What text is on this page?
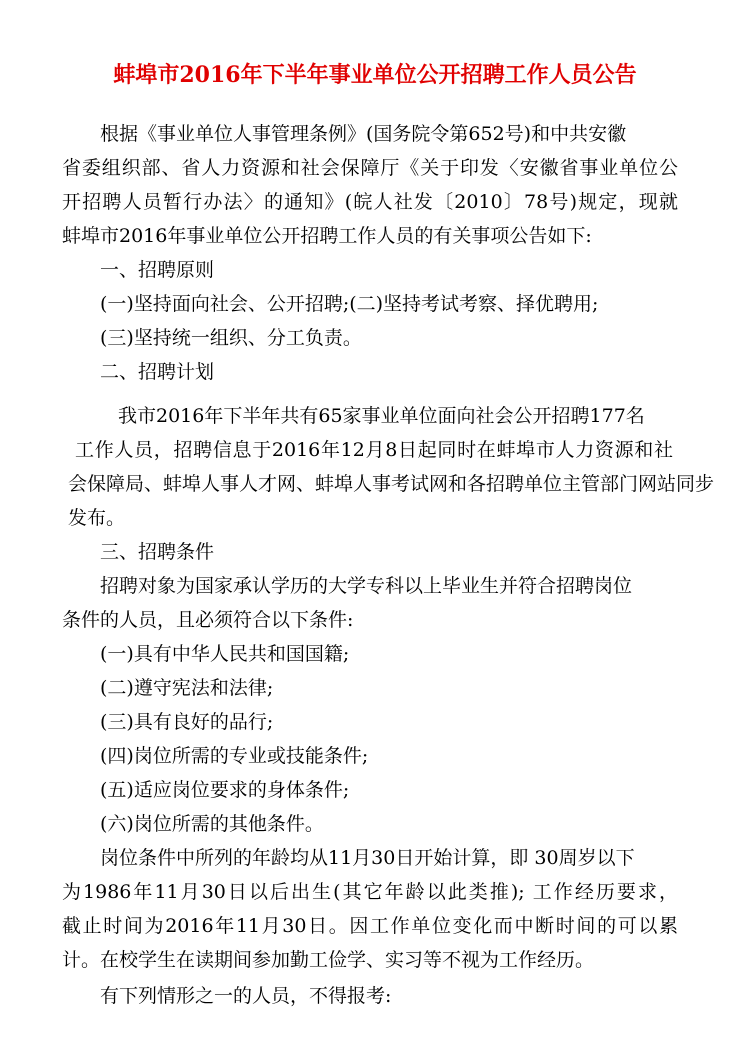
蚌埠市2016年下半年事业单位公开招聘工作人员公告
根据《事业单位人事管理条例》(国务院令第652号)和中共安徽
省委组织部、省人力资源和社会保障厅《关于印发〈安徽省事业单位公
开招聘人员暂行办法〉的通知》(皖人社发〔2010〕78号)规定，现就
蚌埠市2016年事业单位公开招聘工作人员的有关事项公告如下:
一、招聘原则
(一)坚持面向社会、公开招聘;(二)坚持考试考察、择优聘用;
(三)坚持统一组织、分工负责。
二、招聘计划
我市2016年下半年共有65家事业单位面向社会公开招聘177名
工作人员，招聘信息于2016年12月8日起同时在蚌埠市人力资源和社
会保障局、蚌埠人事人才网、蚌埠人事考试网和各招聘单位主管部门网站同步
发布。
三、招聘条件
招聘对象为国家承认学历的大学专科以上毕业生并符合招聘岗位
条件的人员，且必须符合以下条件:
(一)具有中华人民共和国国籍;
(二)遵守宪法和法律;
(三)具有良好的品行;
(四)岗位所需的专业或技能条件;
(五)适应岗位要求的身体条件;
(六)岗位所需的其他条件。
岗位条件中所列的年龄均从11月30日开始计算，即 30周岁以下
为1986年11月30日以后出生(其它年龄以此类推); 工作经历要求，
截止时间为2016年11月30日。因工作单位变化而中断时间的可以累
计。在校学生在读期间参加勤工俭学、实习等不视为工作经历。
有下列情形之一的人员，不得报考:
